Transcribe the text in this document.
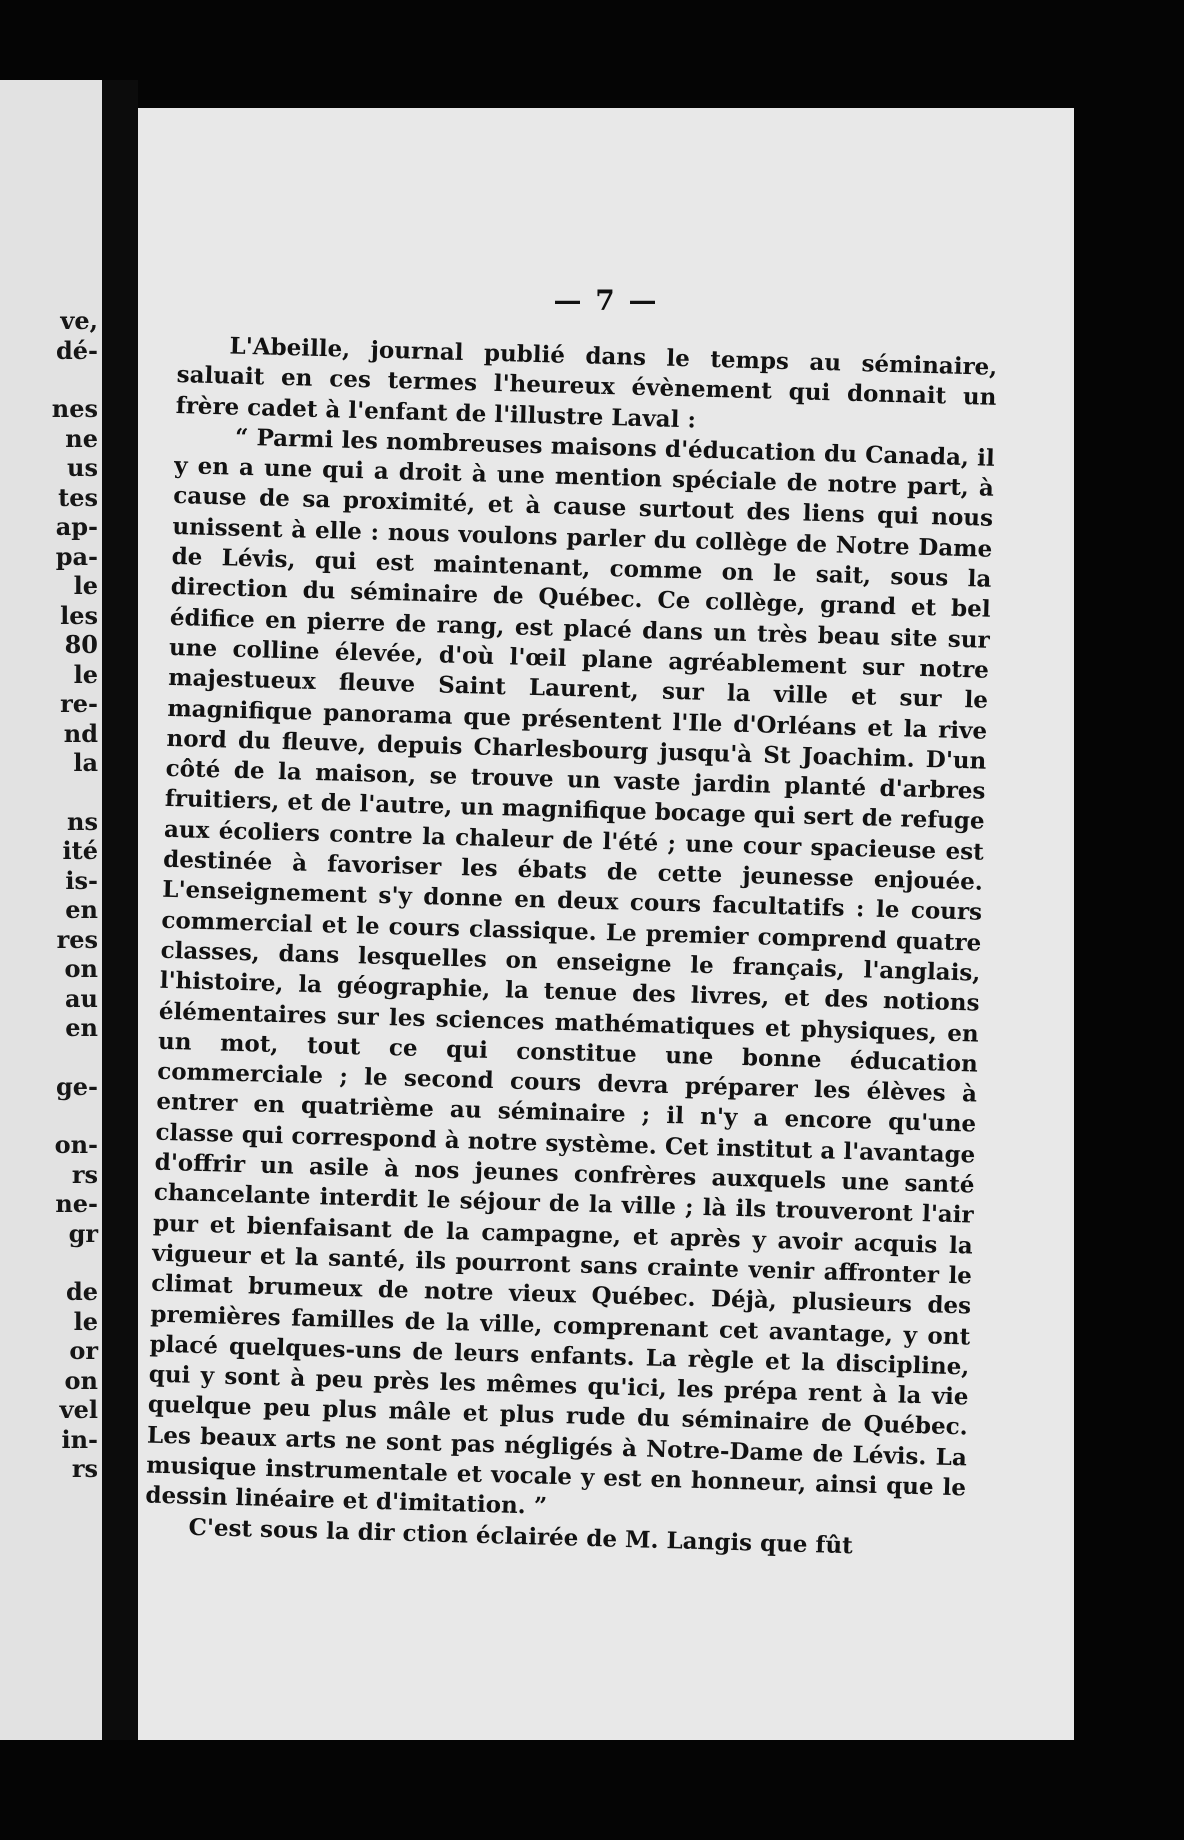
ve,
dé-
nes
ne
us
tes
ap-
pa-
le
les
80
le
re-
nd
la
ns
ité
is-
en
res
on
au
en
ge-
on-
rs
ne-
gr
de
le
or
on
vel
in-
rs
— 7 —

L'Abeille, journal publié dans le temps au séminaire, saluait en ces termes l'heureux évènement qui donnait un frère cadet à l'enfant de l'illustre Laval :

“ Parmi les nombreuses maisons d'éducation du Canada, il y en a une qui a droit à une mention spéciale de notre part, à cause de sa proximité, et à cause surtout des liens qui nous unissent à elle : nous voulons parler du collège de Notre Dame de Lévis, qui est maintenant, comme on le sait, sous la direction du séminaire de Québec. Ce collège, grand et bel édifice en pierre de rang, est placé dans un très beau site sur une colline élevée, d'où l'œil plane agréablement sur notre majestueux fleuve Saint Laurent, sur la ville et sur le magnifique panorama que présentent l'Ile d'Orléans et la rive nord du fleuve, depuis Charlesbourg jusqu'à St Joachim. D'un côté de la maison, se trouve un vaste jardin planté d'arbres fruitiers, et de l'autre, un magnifique bocage qui sert de refuge aux écoliers contre la chaleur de l'été ; une cour spacieuse est destinée à favoriser les ébats de cette jeunesse enjouée. L'enseignement s'y donne en deux cours facultatifs : le cours commercial et le cours classique. Le premier comprend quatre classes, dans lesquelles on enseigne le français, l'anglais, l'histoire, la géographie, la tenue des livres, et des notions élémentaires sur les sciences mathématiques et physiques, en un mot, tout ce qui constitue une bonne éducation commerciale ; le second cours devra préparer les élèves à entrer en quatrième au séminaire ; il n'y a encore qu'une classe qui correspond à notre système. Cet institut a l'avantage d'offrir un asile à nos jeunes confrères auxquels une santé chancelante interdit le séjour de la ville ; là ils trouveront l'air pur et bienfaisant de la campagne, et après y avoir acquis la vigueur et la santé, ils pourront sans crainte venir affronter le climat brumeux de notre vieux Québec. Déjà, plusieurs des premières familles de la ville, comprenant cet avantage, y ont placé quelques-uns de leurs enfants. La règle et la discipline, qui y sont à peu près les mêmes qu'ici, les prépa rent à la vie quelque peu plus mâle et plus rude du séminaire de Québec. Les beaux arts ne sont pas négligés à Notre-Dame de Lévis. La musique instrumentale et vocale y est en honneur, ainsi que le dessin linéaire et d'imitation. ”

C'est sous la dir ction éclairée de M. Langis que fût
